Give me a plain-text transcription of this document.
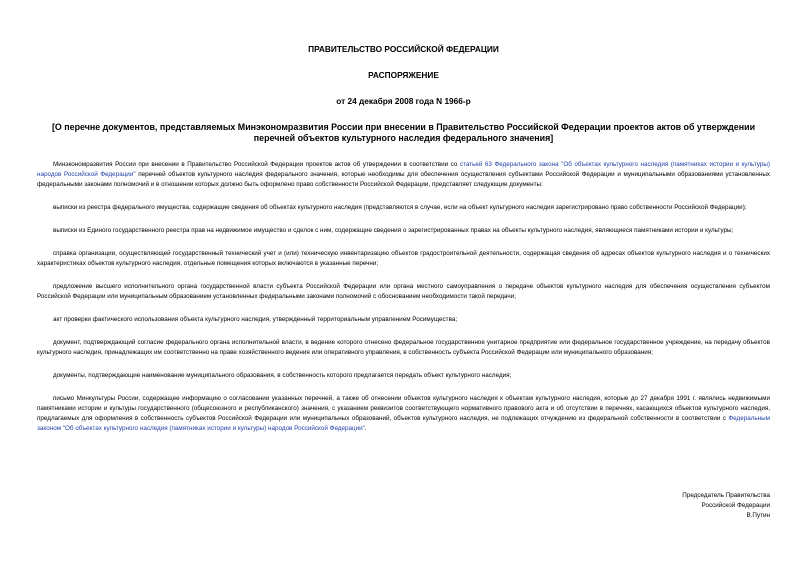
ПРАВИТЕЛЬСТВО РОССИЙСКОЙ ФЕДЕРАЦИИ
РАСПОРЯЖЕНИЕ
от 24 декабря 2008 года N 1966-р
[О перечне документов, представляемых Минэкономразвития России при внесении в Правительство Российской Федерации проектов актов об утверждении перечней объектов культурного наследия федерального значения]

Минэкономразвития России при внесении в Правительство Российской Федерации проектов актов об утверждении в соответствии со статьей 63 Федерального закона "Об объектах культурного наследия (памятниках истории и культуры) народов Российской Федерации" перечней объектов культурного наследия федерального значения, которые необходимы для обеспечения осуществления субъектами Российской Федерации и муниципальными образованиями установленных федеральными законами полномочий и в отношении которых должно быть оформлено право собственности Российской Федерации, представляет следующие документы:

выписки из реестра федерального имущества, содержащие сведения об объектах культурного наследия (представляются в случае, если на объект культурного наследия зарегистрировано право собственности Российской Федерации);

выписки из Единого государственного реестра прав на недвижимое имущество и сделок с ним, содержащие сведения о зарегистрированных правах на объекты культурного наследия, являющиеся памятниками истории и культуры;

справка организации, осуществляющей государственный технический учет и (или) техническую инвентаризацию объектов градостроительной деятельности, содержащая сведения об адресах объектов культурного наследия и о технических характеристиках объектов культурного наследия, отдельные помещения которых включаются в указанные перечни;

предложение высшего исполнительного органа государственной власти субъекта Российской Федерации или органа местного самоуправления о передаче объектов культурного наследия для обеспечения осуществления субъектом Российской Федерации или муниципальным образованием установленных федеральными законами полномочий с обоснованием необходимости такой передачи;

акт проверки фактического использования объекта культурного наследия, утвержденный территориальным управлением Росимущества;

документ, подтверждающий согласие федерального органа исполнительной власти, в ведение которого отнесено федеральное государственное унитарное предприятие или федеральное государственное учреждение, на передачу объектов культурного наследия, принадлежащих им соответственно на праве хозяйственного ведения или оперативного управления, в собственность субъекта Российской Федерации или муниципального образования;

документы, подтверждающие наименование муниципального образования, в собственность которого предлагается передать объект культурного наследия;

письмо Минкультуры России, содержащее информацию о согласовании указанных перечней, а также об отнесении объектов культурного наследия к объектам культурного наследия, которые до 27 декабря 1991 г. являлись недвижимыми памятниками истории и культуры государственного (общесоюзного и республиканского) значения, с указанием реквизитов соответствующего нормативного правового акта и об отсутствии в перечнях, касающихся объектов культурного наследия, предлагаемых для оформления в собственность субъектов Российской Федерации или муниципальных образований, объектов культурного наследия, не подлежащих отчуждению из федеральной собственности в соответствии с Федеральным законом "Об объектах культурного наследия (памятниках истории и культуры) народов Российской Федерации".

Председатель Правительства
Российской Федерации
В.Путин
